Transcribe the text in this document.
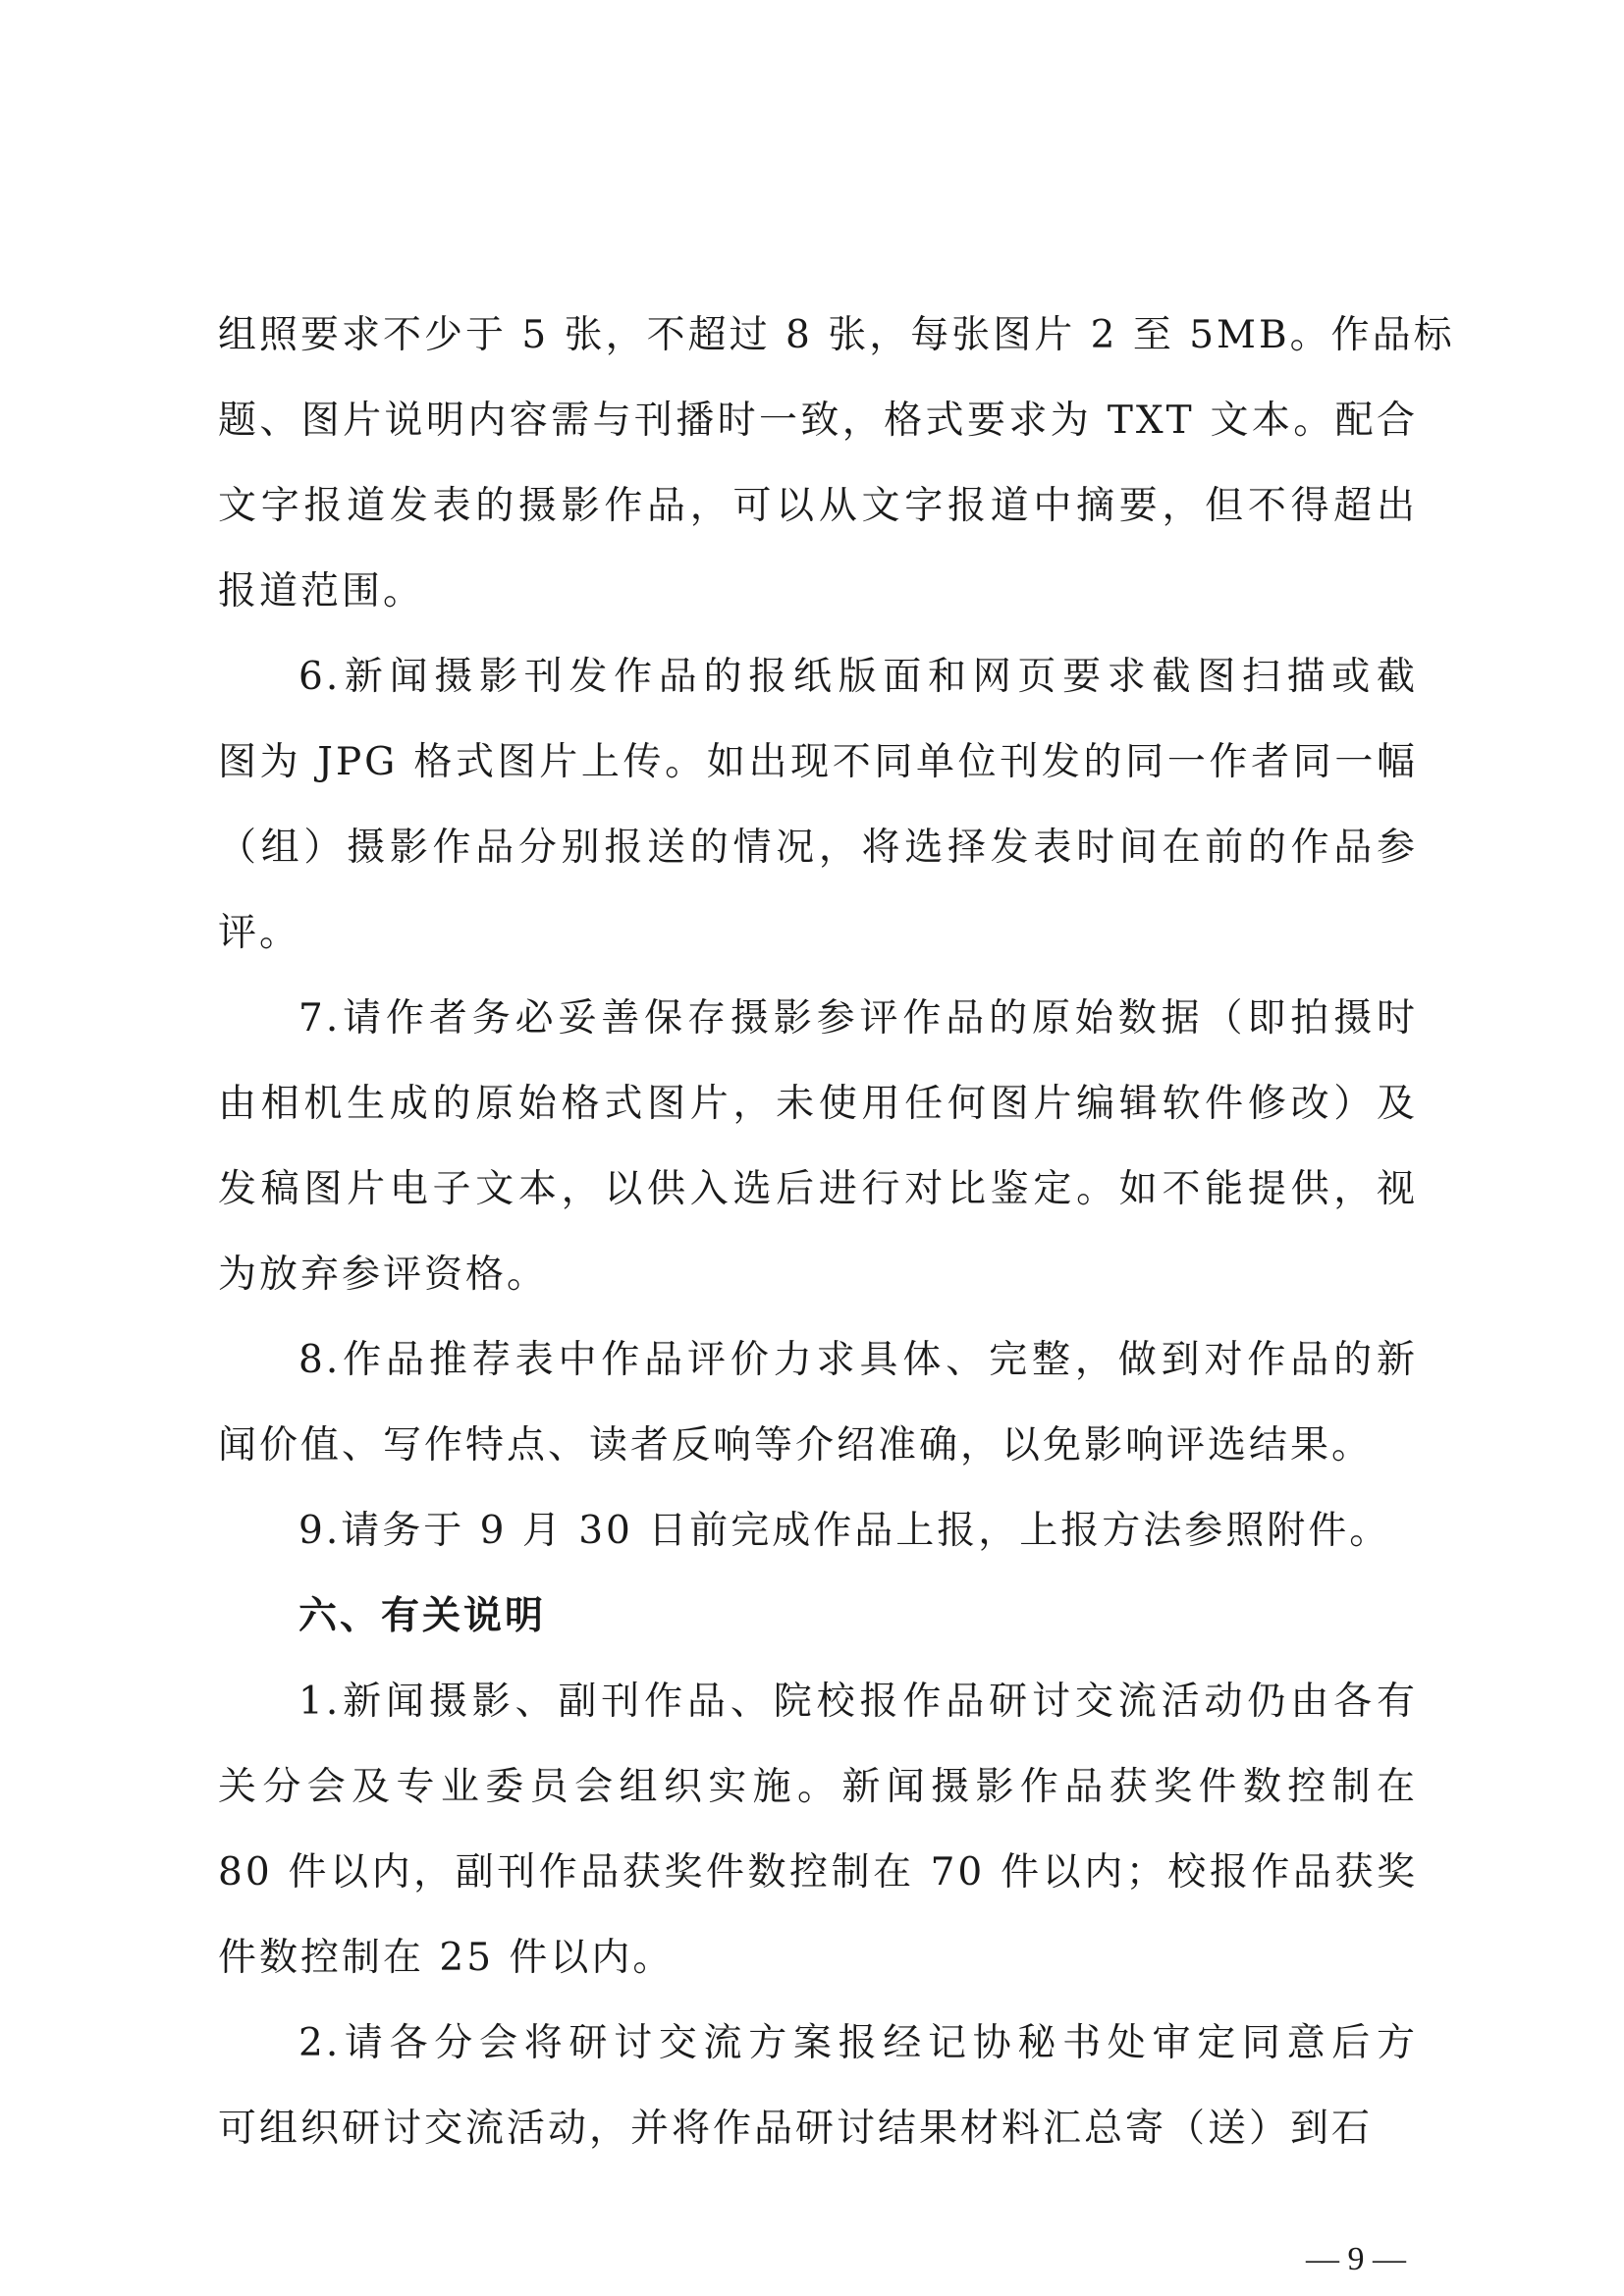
组照要求不少于 5 张，不超过 8 张，每张图片 2 至 5MB。作品标
题、图片说明内容需与刊播时一致，格式要求为 TXT 文本。配合
文字报道发表的摄影作品，可以从文字报道中摘要，但不得超出
报道范围。
6.新闻摄影刊发作品的报纸版面和网页要求截图扫描或截
图为 JPG 格式图片上传。如出现不同单位刊发的同一作者同一幅
（组）摄影作品分别报送的情况，将选择发表时间在前的作品参
评。
7.请作者务必妥善保存摄影参评作品的原始数据（即拍摄时
由相机生成的原始格式图片，未使用任何图片编辑软件修改）及
发稿图片电子文本，以供入选后进行对比鉴定。如不能提供，视
为放弃参评资格。
8.作品推荐表中作品评价力求具体、完整，做到对作品的新
闻价值、写作特点、读者反响等介绍准确，以免影响评选结果。
9.请务于 9 月 30 日前完成作品上报，上报方法参照附件。
六、有关说明
1.新闻摄影、副刊作品、院校报作品研讨交流活动仍由各有
关分会及专业委员会组织实施。新闻摄影作品获奖件数控制在
80 件以内，副刊作品获奖件数控制在 70 件以内；校报作品获奖
件数控制在 25 件以内。
2.请各分会将研讨交流方案报经记协秘书处审定同意后方
可组织研讨交流活动，并将作品研讨结果材料汇总寄（送）到石
— 9 —
